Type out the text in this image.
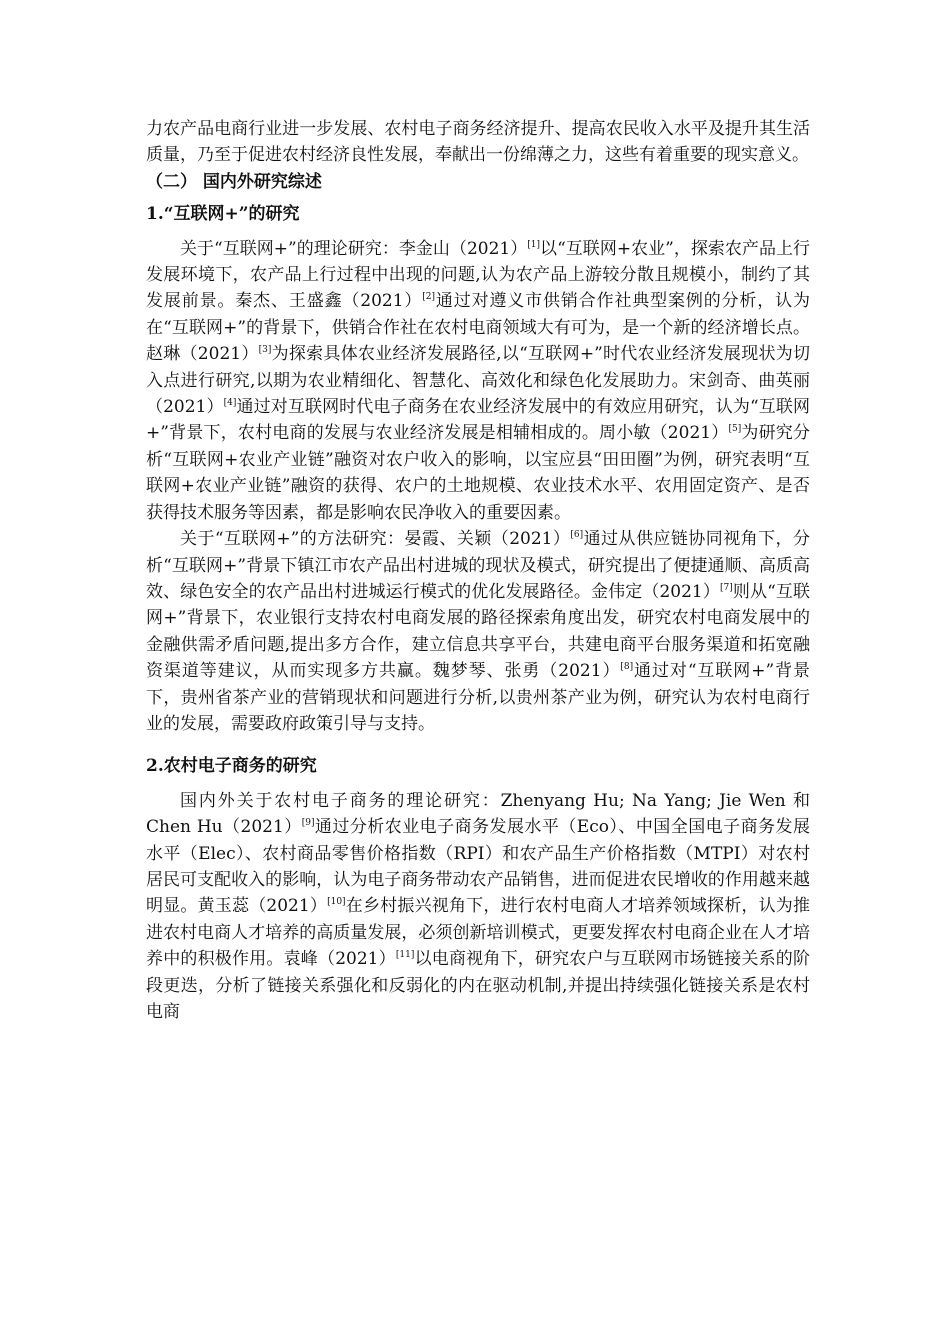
力农产品电商行业进一步发展、农村电子商务经济提升、提高农民收入水平及提升其生活质量，乃至于促进农村经济良性发展，奉献出一份绵薄之力，这些有着重要的现实意义。

（二） 国内外研究综述

1.“互联网+”的研究

关于“互联网+”的理论研究：李金山（2021）[1]以“互联网+农业”，探索农产品上行发展环境下，农产品上行过程中出现的问题,认为农产品上游较分散且规模小，制约了其发展前景。秦杰、王盛鑫（2021）[2]通过对遵义市供销合作社典型案例的分析，认为在“互联网+”的背景下，供销合作社在农村电商领域大有可为，是一个新的经济增长点。赵琳（2021）[3]为探索具体农业经济发展路径,以“互联网+”时代农业经济发展现状为切入点进行研究,以期为农业精细化、智慧化、高效化和绿色化发展助力。宋剑奇、曲英丽（2021）[4]通过对互联网时代电子商务在农业经济发展中的有效应用研究，认为“互联网+”背景下，农村电商的发展与农业经济发展是相辅相成的。周小敏（2021）[5]为研究分析“互联网+农业产业链”融资对农户收入的影响，以宝应县“田田圈”为例，研究表明“互联网+农业产业链”融资的获得、农户的土地规模、农业技术水平、农用固定资产、是否获得技术服务等因素，都是影响农民净收入的重要因素。

关于“互联网+”的方法研究：晏霞、关颖（2021）[6]通过从供应链协同视角下，分析“互联网+”背景下镇江市农产品出村进城的现状及模式，研究提出了便捷通顺、高质高效、绿色安全的农产品出村进城运行模式的优化发展路径。金伟定（2021）[7]则从“互联网+”背景下，农业银行支持农村电商发展的路径探索角度出发，研究农村电商发展中的金融供需矛盾问题,提出多方合作，建立信息共享平台，共建电商平台服务渠道和拓宽融资渠道等建议，从而实现多方共赢。魏梦琴、张勇（2021）[8]通过对“互联网+”背景下，贵州省茶产业的营销现状和问题进行分析,以贵州茶产业为例，研究认为农村电商行业的发展，需要政府政策引导与支持。

2.农村电子商务的研究

国内外关于农村电子商务的理论研究：Zhenyang Hu; Na Yang; Jie Wen 和 Chen Hu（2021）[9]通过分析农业电子商务发展水平（Eco）、中国全国电子商务发展水平（Elec）、农村商品零售价格指数（RPI）和农产品生产价格指数（MTPI）对农村居民可支配收入的影响，认为电子商务带动农产品销售，进而促进农民增收的作用越来越明显。黄玉蕊（2021）[10]在乡村振兴视角下，进行农村电商人才培养领域探析，认为推进农村电商人才培养的高质量发展，必须创新培训模式，更要发挥农村电商企业在人才培养中的积极作用。袁峰（2021）[11]以电商视角下，研究农户与互联网市场链接关系的阶段更迭，分析了链接关系强化和反弱化的内在驱动机制,并提出持续强化链接关系是农村电商
